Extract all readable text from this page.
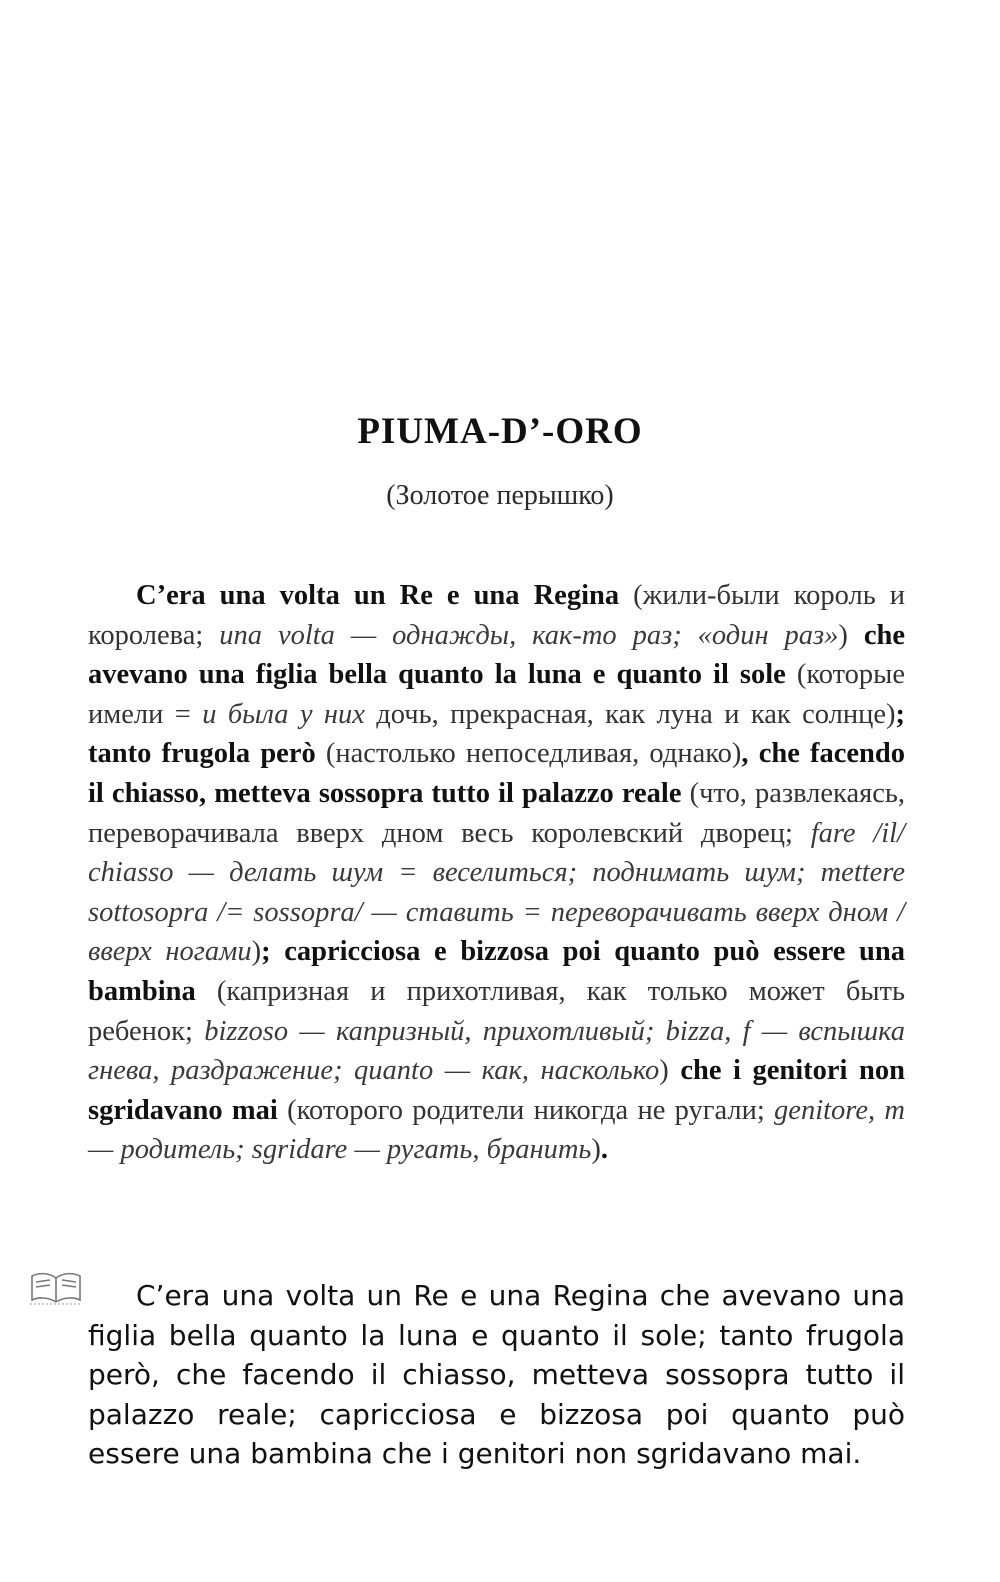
PIUMA-D’-ORO
(Золотое перышко)

C’era una volta un Re e una Regina (жили-были король и королева; una volta — однажды, как-то раз; «один раз») che avevano una figlia bella quanto la luna e quanto il sole (которые имели = и была у них дочь, прекрасная, как луна и как солнце); tanto frugola però (настолько непоседливая, однако), che facendo il chiasso, metteva sossopra tutto il palazzo reale (что, развлекаясь, переворачивала вверх дном весь королевский дворец; fare /il/ chiasso — делать шум = веселиться; поднимать шум; mettere sottosopra /= sossopra/ — ставить = переворачивать вверх дном / вверх ногами); capricciosa e bizzosa poi quanto può essere una bambina (капризная и прихотливая, как только может быть ребенок; bizzoso — капризный, прихотливый; bizza, f — вспышка гнева, раздражение; quanto — как, насколько) che i genitori non sgridavano mai (которого родители никогда не ругали; genitore, m — родитель; sgridare — ругать, бранить).

C’era una volta un Re e una Regina che avevano una figlia bella quanto la luna e quanto il sole; tanto frugola però, che facendo il chiasso, metteva sossopra tutto il palazzo reale; capricciosa e bizzosa poi quanto può essere una bambina che i genitori non sgridavano mai.
